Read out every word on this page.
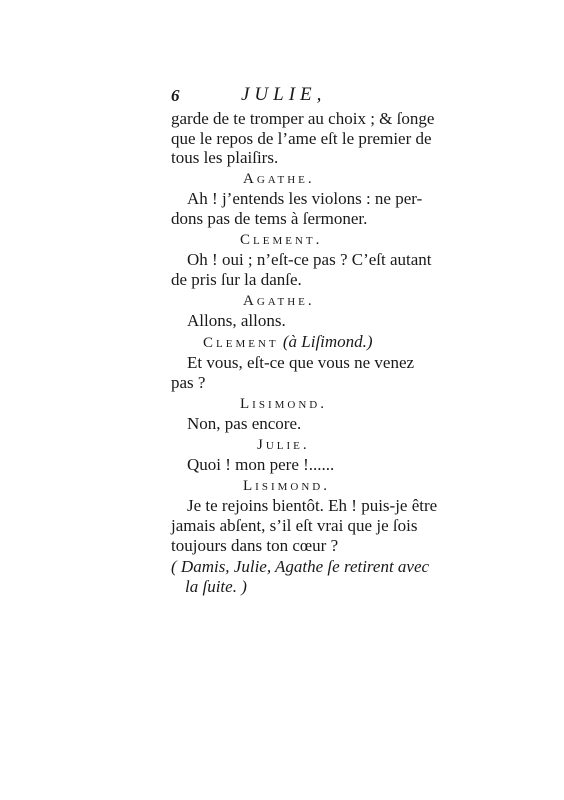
6	JULIE,
garde de te tromper au choix ; & ſonge
que le repos de l’ame eſt le premier de
tous les plaiſirs.
Agathe.
Ah ! j’entends les violons : ne per-
dons pas de tems à ſermoner.
Clement.
Oh ! oui ; n’eſt-ce pas ? C’eſt autant
de pris ſur la danſe.
Agathe.
Allons, allons.
Clement (à Liſimond.)
Et vous, eſt-ce que vous ne venez
pas ?
Lisimond.
Non, pas encore.
Julie.
Quoi ! mon pere !......
Lisimond.
Je te rejoins bientôt. Eh ! puis-je être
jamais abſent, s’il eſt vrai que je ſois
toujours dans ton cœur ?
( Damis, Julie, Agathe ſe retirent avec
la ſuite. )
